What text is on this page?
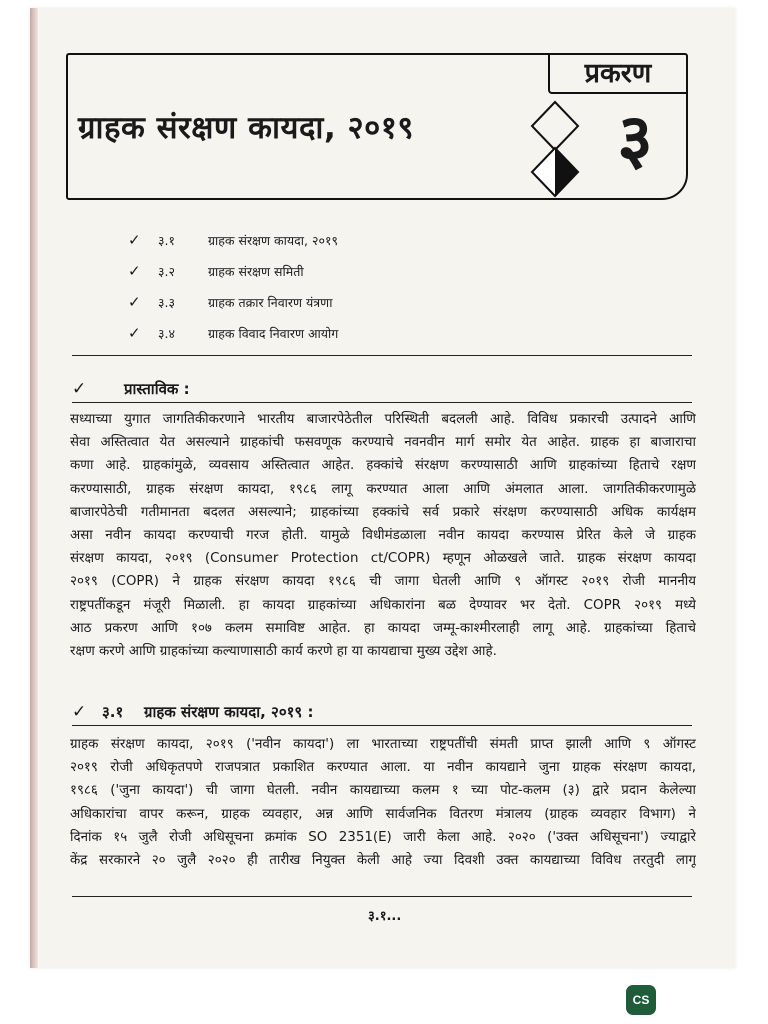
ग्राहक संरक्षण कायदा, २०१९
प्रकरण
३
✓	३.१	ग्राहक संरक्षण कायदा, २०१९
✓	३.२	ग्राहक संरक्षण समिती
✓	३.३	ग्राहक तक्रार निवारण यंत्रणा
✓	३.४	ग्राहक विवाद निवारण आयोग
✓	प्रास्ताविक :
सध्याच्या युगात जागतिकीकरणाने भारतीय बाजारपेठेतील परिस्थिती बदलली आहे. विविध प्रकारची उत्पादने आणि
सेवा अस्तित्वात येत असल्याने ग्राहकांची फसवणूक करण्याचे नवनवीन मार्ग समोर येत आहेत. ग्राहक हा बाजाराचा
कणा आहे. ग्राहकांमुळे, व्यवसाय अस्तित्वात आहेत. हक्कांचे संरक्षण करण्यासाठी आणि ग्राहकांच्या हिताचे रक्षण
करण्यासाठी, ग्राहक संरक्षण कायदा, १९८६ लागू करण्यात आला आणि अंमलात आला. जागतिकीकरणामुळे
बाजारपेठेची गतीमानता बदलत असल्याने; ग्राहकांच्या हक्कांचे सर्व प्रकारे संरक्षण करण्यासाठी अधिक कार्यक्षम
असा नवीन कायदा करण्याची गरज होती. यामुळे विधीमंडळाला नवीन कायदा करण्यास प्रेरित केले जे ग्राहक
संरक्षण कायदा, २०१९ (Consumer Protection ct/COPR) म्हणून ओळखले जाते. ग्राहक संरक्षण कायदा
२०१९ (COPR) ने ग्राहक संरक्षण कायदा १९८६ ची जागा घेतली आणि ९ ऑगस्ट २०१९ रोजी माननीय
राष्ट्रपतींकडून मंजूरी मिळाली. हा कायदा ग्राहकांच्या अधिकारांना बळ देण्यावर भर देतो. COPR २०१९ मध्ये
आठ प्रकरण आणि १०७ कलम समाविष्ट आहेत. हा कायदा जम्मू-काश्मीरलाही लागू आहे. ग्राहकांच्या हिताचे
रक्षण करणे आणि ग्राहकांच्या कल्याणासाठी कार्य करणे हा या कायद्याचा मुख्य उद्देश आहे.
✓	३.१	ग्राहक संरक्षण कायदा, २०१९ :
ग्राहक संरक्षण कायदा, २०१९ ('नवीन कायदा') ला भारताच्या राष्ट्रपतींची संमती प्राप्त झाली आणि ९ ऑगस्ट
२०१९ रोजी अधिकृतपणे राजपत्रात प्रकाशित करण्यात आला. या नवीन कायद्याने जुना ग्राहक संरक्षण कायदा,
१९८६ ('जुना कायदा') ची जागा घेतली. नवीन कायद्याच्या कलम १ च्या पोट-कलम (३) द्वारे प्रदान केलेल्या
अधिकारांचा वापर करून, ग्राहक व्यवहार, अन्न आणि सार्वजनिक वितरण मंत्रालय (ग्राहक व्यवहार विभाग) ने
दिनांक १५ जुलै रोजी अधिसूचना क्रमांक SO 2351(E) जारी केला आहे. २०२० ('उक्त अधिसूचना') ज्याद्वारे
केंद्र सरकारने २० जुलै २०२० ही तारीख नियुक्त केली आहे ज्या दिवशी उक्त कायद्याच्या विविध तरतुदी लागू
३.१...
CS
